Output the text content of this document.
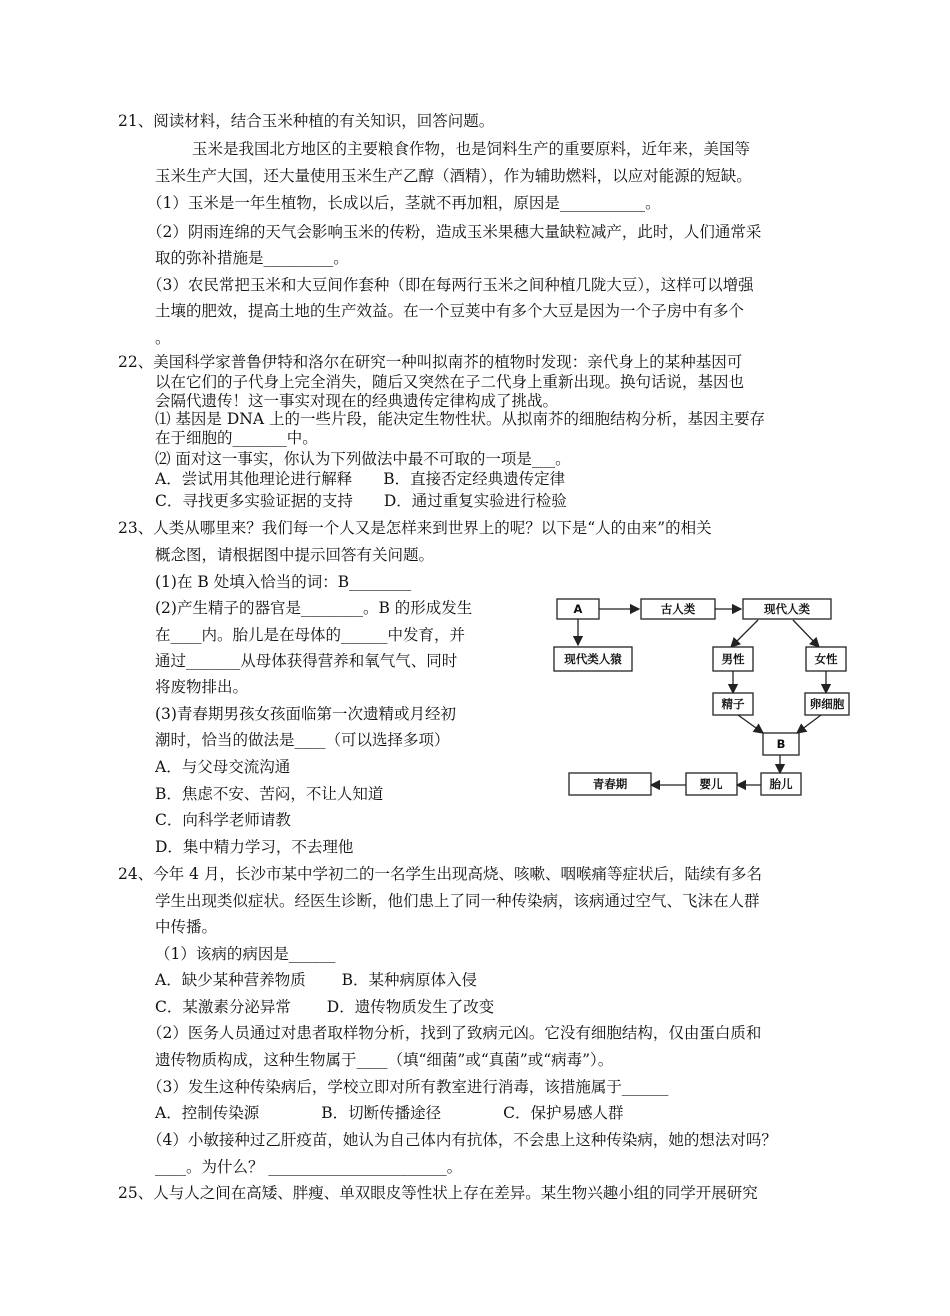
21、阅读材料，结合玉米种植的有关知识，回答问题。
玉米是我国北方地区的主要粮食作物，也是饲料生产的重要原料，近年来，美国等
玉米生产大国，还大量使用玉米生产乙醇（酒精），作为辅助燃料，以应对能源的短缺。
（1）玉米是一年生植物，长成以后，茎就不再加粗，原因是___________。
（2）阴雨连绵的天气会影响玉米的传粉，造成玉米果穗大量缺粒减产，此时，人们通常采
取的弥补措施是_________。
（3）农民常把玉米和大豆间作套种（即在每两行玉米之间种植几陇大豆），这样可以增强
土壤的肥效，提高土地的生产效益。在一个豆荚中有多个大豆是因为一个子房中有多个
。
22、美国科学家普鲁伊特和洛尔在研究一种叫拟南芥的植物时发现：亲代身上的某种基因可
以在它们的子代身上完全消失，随后又突然在子二代身上重新出现。换句话说，基因也
会隔代遗传！这一事实对现在的经典遗传定律构成了挑战。
⑴ 基因是 DNA 上的一些片段，能决定生物性状。从拟南芥的细胞结构分析，基因主要存
在于细胞的_______中。
⑵ 面对这一事实，你认为下列做法中最不可取的一项是___。
A．尝试用其他理论进行解释　　B．直接否定经典遗传定律
C．寻找更多实验证据的支持　　D．通过重复实验进行检验
23、人类从哪里来？我们每一个人又是怎样来到世界上的呢？以下是“人的由来”的相关
概念图，请根据图中提示回答有关问题。
(1)在 B 处填入恰当的词：B________
(2)产生精子的器官是________。B 的形成发生
在____内。胎儿是在母体的______中发育，并
通过_______从母体获得营养和氧气气、同时
将废物排出。
(3)青春期男孩女孩面临第一次遗精或月经初
潮时，恰当的做法是____（可以选择多项）
A．与父母交流沟通
B．焦虑不安、苦闷，不让人知道
C．向科学老师请教
D．集中精力学习，不去理他
A	古人类	现代人类
现代类人猿	男性	女性
精子	卵细胞
B
胎儿
婴儿
青春期
24、今年 4 月，长沙市某中学初二的一名学生出现高烧、咳嗽、咽喉痛等症状后，陆续有多名
学生出现类似症状。经医生诊断，他们患上了同一种传染病，该病通过空气、飞沫在人群
中传播。
（1）该病的病因是______
A．缺少某种营养物质　　 B．某种病原体入侵
C．某激素分泌异常　　 D．遗传物质发生了改变
（2）医务人员通过对患者取样物分析，找到了致病元凶。它没有细胞结构，仅由蛋白质和
遗传物质构成，这种生物属于____（填“细菌”或“真菌”或“病毒”）。
（3）发生这种传染病后，学校立即对所有教室进行消毒，该措施属于______
A．控制传染源　　　　B．切断传播途径　　　　C．保护易感人群
（4）小敏接种过乙肝疫苗，她认为自己体内有抗体，不会患上这种传染病，她的想法对吗？
____。为什么？ _______________________。
25、人与人之间在高矮、胖瘦、单双眼皮等性状上存在差异。某生物兴趣小组的同学开展研究
